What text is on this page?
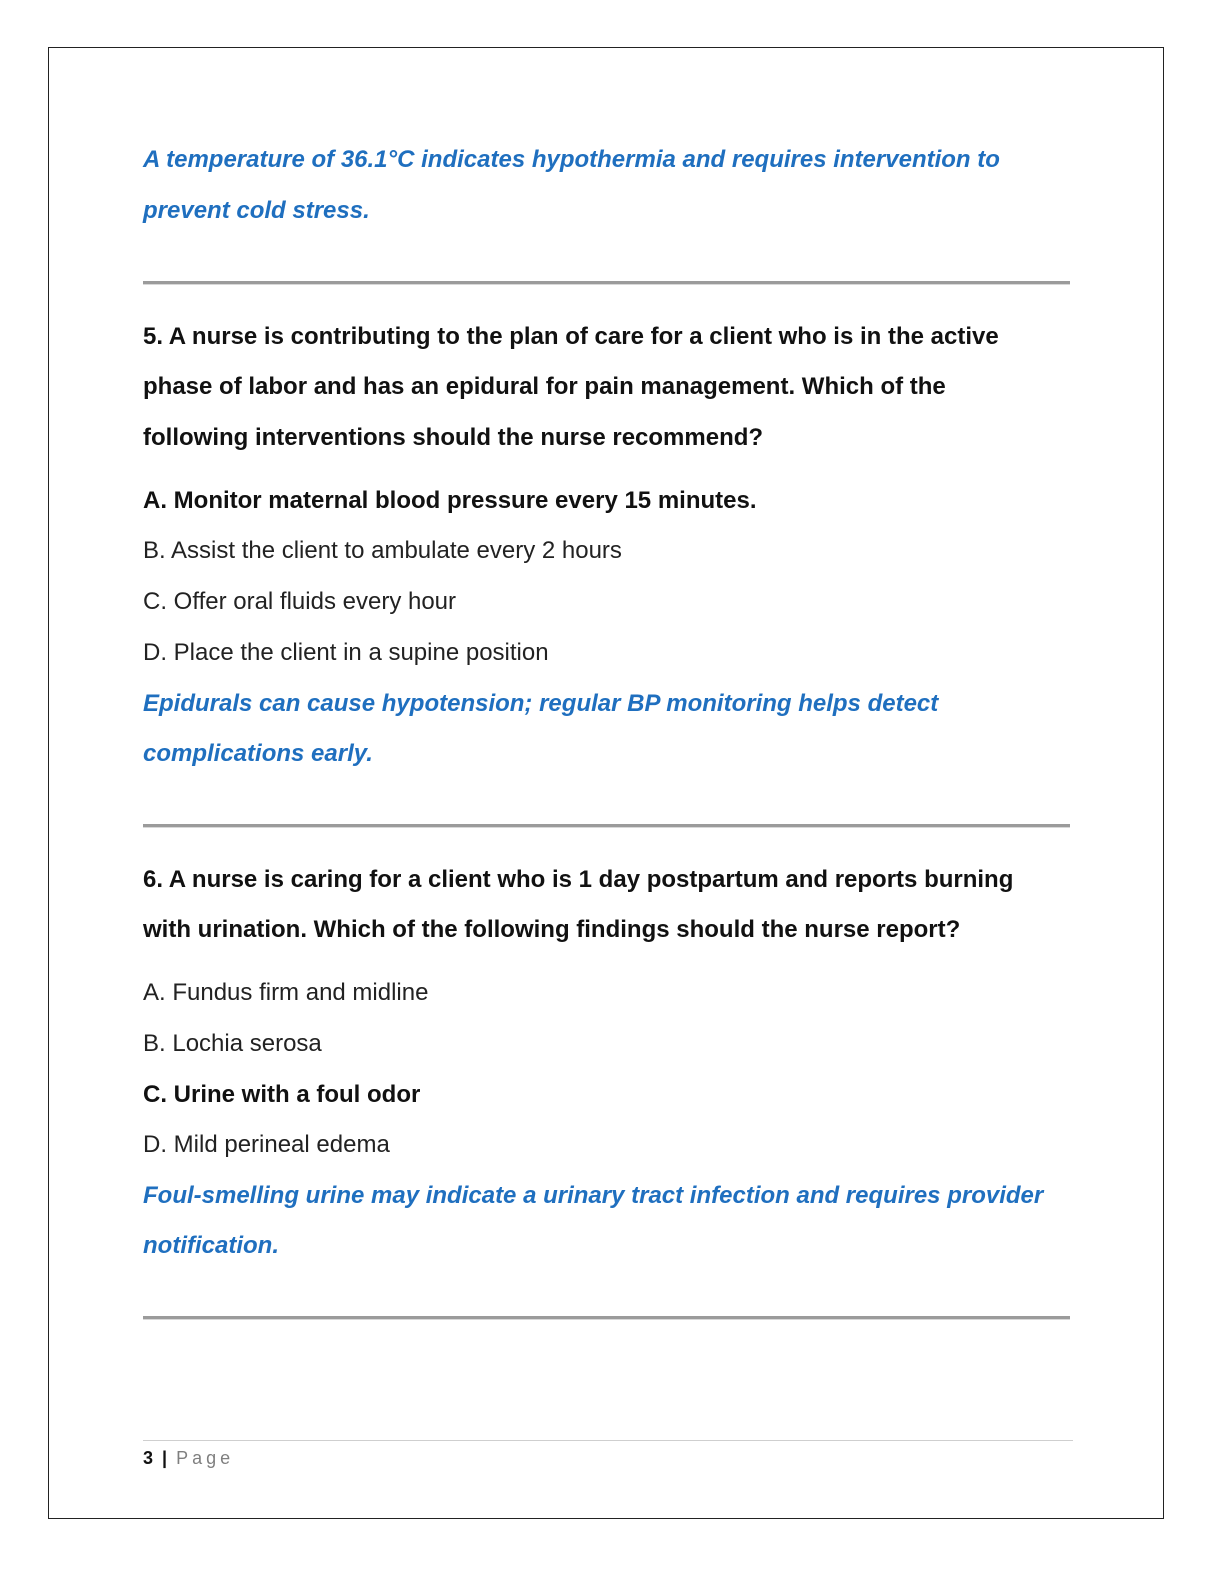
A temperature of 36.1°C indicates hypothermia and requires intervention to
prevent cold stress.
5. A nurse is contributing to the plan of care for a client who is in the active
phase of labor and has an epidural for pain management. Which of the
following interventions should the nurse recommend?
A. Monitor maternal blood pressure every 15 minutes.
B. Assist the client to ambulate every 2 hours
C. Offer oral fluids every hour
D. Place the client in a supine position
Epidurals can cause hypotension; regular BP monitoring helps detect
complications early.
6. A nurse is caring for a client who is 1 day postpartum and reports burning
with urination. Which of the following findings should the nurse report?
A. Fundus firm and midline
B. Lochia serosa
C. Urine with a foul odor
D. Mild perineal edema
Foul-smelling urine may indicate a urinary tract infection and requires provider
notification.
3 | Page
